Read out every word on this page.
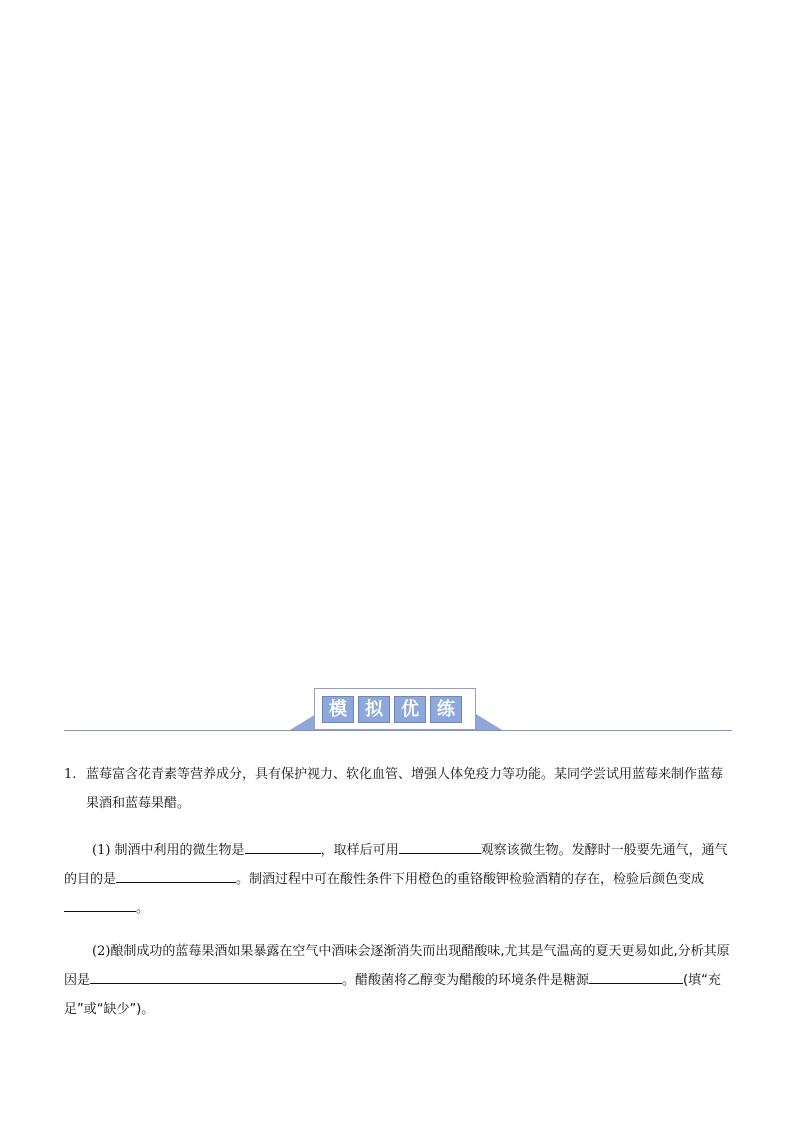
模	拟	优	练
1. 蓝莓富含花青素等营养成分，具有保护视力、软化血管、增强人体免疫力等功能。某同学尝试用蓝莓来制作蓝莓果酒和蓝莓果醋。
(1) 制酒中利用的微生物是	，取样后可用	观察该微生物。发酵时一般要先通气，通气的目的是	。制酒过程中可在酸性条件下用橙色的重铬酸钾检验酒精的存在，检验后颜色变成。
(2)酿制成功的蓝莓果酒如果暴露在空气中酒味会逐渐消失而出现醋酸味,尤其是气温高的夏天更易如此,分析其原因是	。醋酸菌将乙醇变为醋酸的环境条件是糖源	(填“充足”或“缺少”)。
